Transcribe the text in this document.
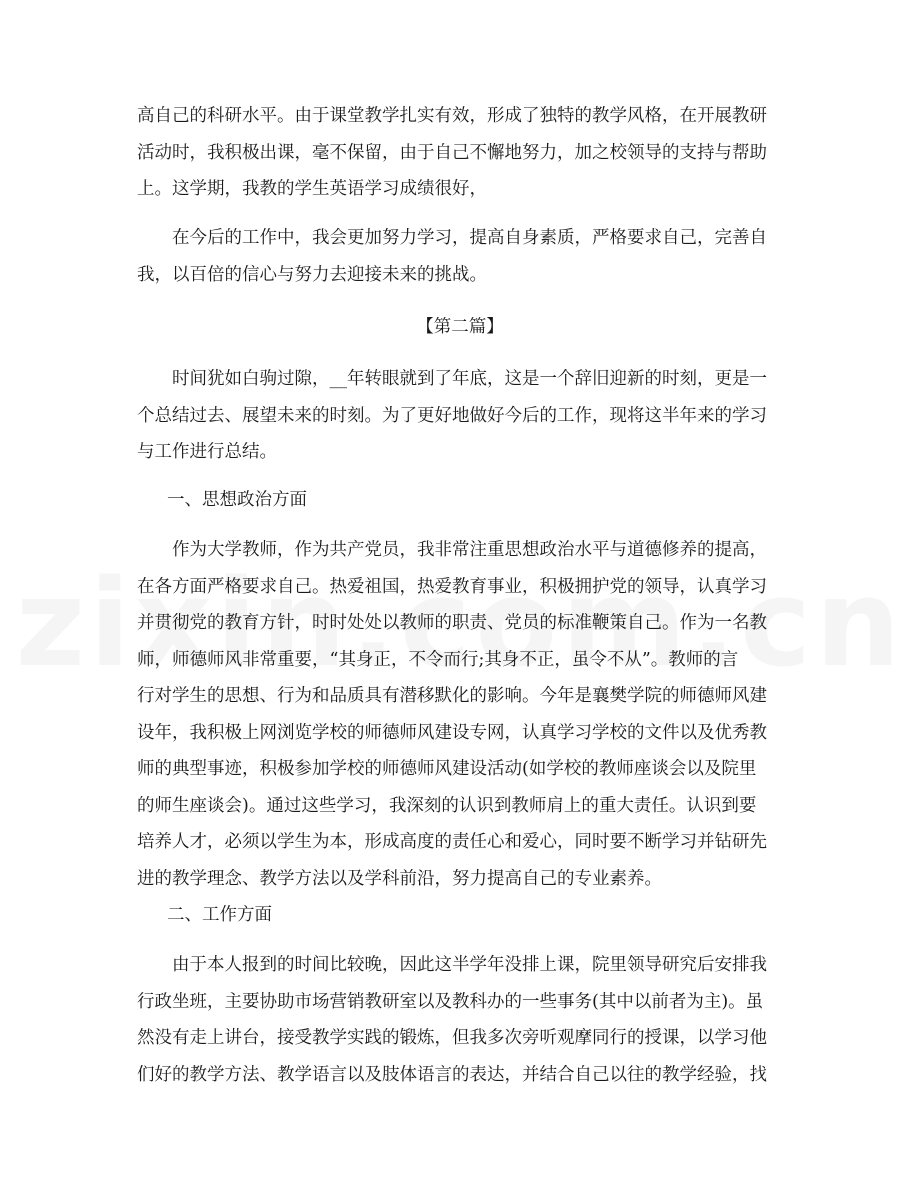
高自己的科研水平。由于课堂教学扎实有效，形成了独特的教学风格，在开展教研
活动时，我积极出课，毫不保留，由于自己不懈地努力，加之校领导的支持与帮助
上。这学期，我教的学生英语学习成绩很好，
在今后的工作中，我会更加努力学习，提高自身素质，严格要求自己，完善自
我，以百倍的信心与努力去迎接未来的挑战。
【第二篇】
时间犹如白驹过隙，__年转眼就到了年底，这是一个辞旧迎新的时刻，更是一
个总结过去、展望未来的时刻。为了更好地做好今后的工作，现将这半年来的学习
与工作进行总结。
一、思想政治方面
作为大学教师，作为共产党员，我非常注重思想政治水平与道德修养的提高，
在各方面严格要求自己。热爱祖国，热爱教育事业，积极拥护党的领导，认真学习
并贯彻党的教育方针，时时处处以教师的职责、党员的标准鞭策自己。作为一名教
师，师德师风非常重要，“其身正，不令而行;其身不正，虽令不从”。教师的言
行对学生的思想、行为和品质具有潜移默化的影响。今年是襄樊学院的师德师风建
设年，我积极上网浏览学校的师德师风建设专网，认真学习学校的文件以及优秀教
师的典型事迹，积极参加学校的师德师风建设活动(如学校的教师座谈会以及院里
的师生座谈会)。通过这些学习，我深刻的认识到教师肩上的重大责任。认识到要
培养人才，必须以学生为本，形成高度的责任心和爱心，同时要不断学习并钻研先
进的教学理念、教学方法以及学科前沿，努力提高自己的专业素养。
二、工作方面
由于本人报到的时间比较晚，因此这半学年没排上课，院里领导研究后安排我
行政坐班，主要协助市场营销教研室以及教科办的一些事务(其中以前者为主)。虽
然没有走上讲台，接受教学实践的锻炼，但我多次旁听观摩同行的授课，以学习他
们好的教学方法、教学语言以及肢体语言的表达，并结合自己以往的教学经验，找
